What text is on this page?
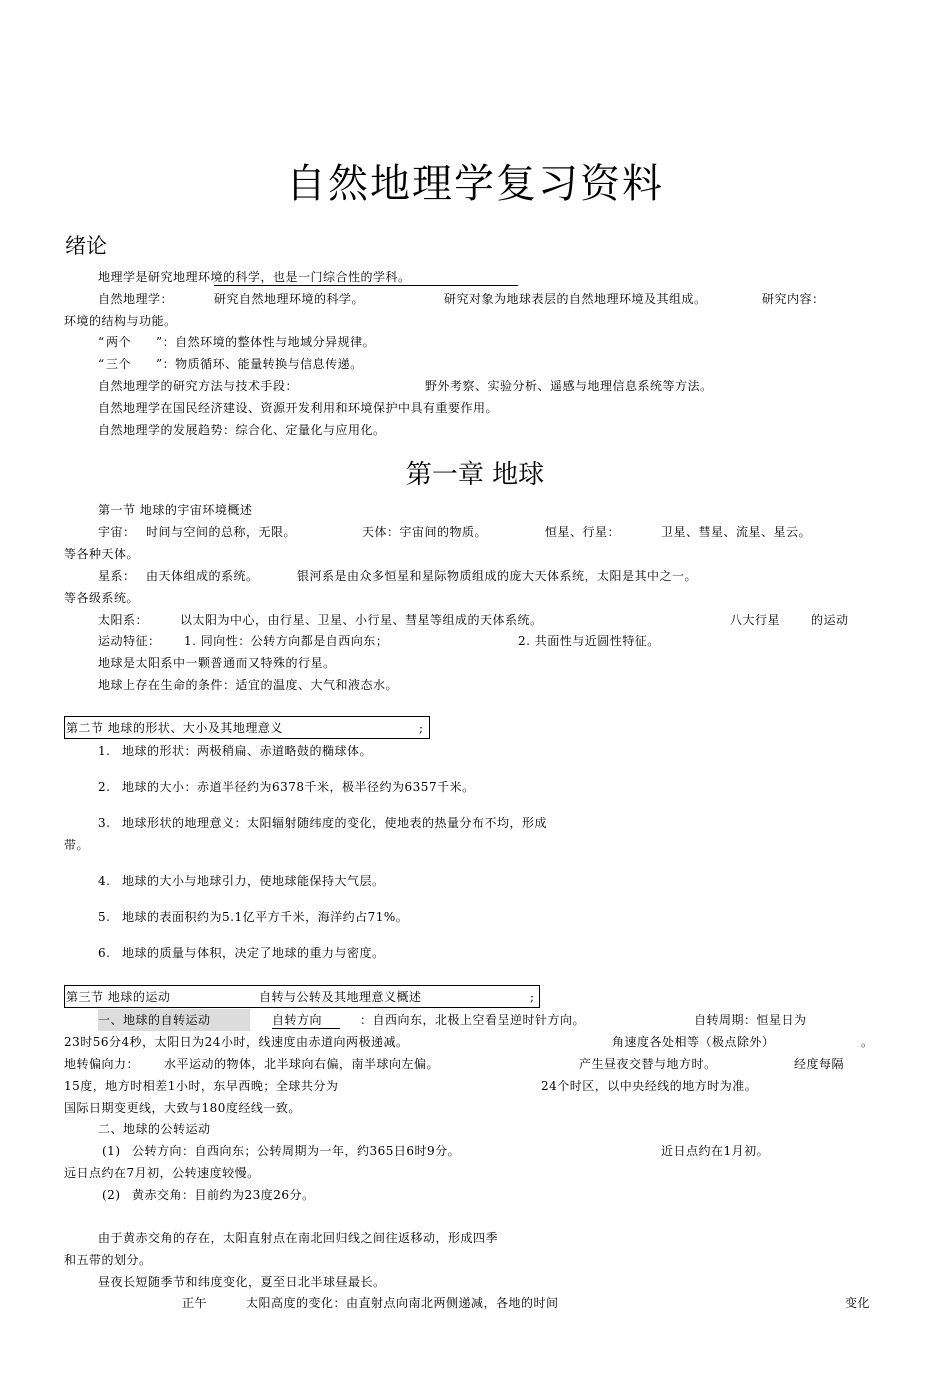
自然地理学复习资料
绪论
地理学是研究地理环境的科学，也是一门综合性的学科。
自然地理学：	研究自然地理环境的科学。	研究对象为地球表层的自然地理环境及其组成。	研究内容：
环境的结构与功能。
“ 两个 ”：自然环境的整体性与地域分异规律。
“ 三个 ”：物质循环、能量转换与信息传递。
自然地理学的研究方法与技术手段：	野外考察、实验分析、遥感与地理信息系统等方法。
自然地理学在国民经济建设、资源开发利用和环境保护中具有重要作用。
自然地理学的发展趋势：综合化、定量化与应用化。
第一章 地球
第一节 地球的宇宙环境概述
宇宙： 时间与空间的总称，无限。	天体：宇宙间的物质。	恒星、行星：	卫星、彗星、流星、星云。
等各种天体。
星系： 由天体组成的系统。	银河系是由众多恒星和星际物质组成的庞大天体系统，太阳是其中之一。
等各级系统。
太阳系：	以太阳为中心，由行星、卫星、小行星、彗星等组成的天体系统。	八大行星	的运动
运动特征： 1. 同向性：公转方向都是自西向东；	2. 共面性与近圆性特征。
地球是太阳系中一颗普通而又特殊的行星。
地球上存在生命的条件：适宜的温度、大气和液态水。
第二节 地球的形状、大小及其地理意义	;
1. 地球的形状：两极稍扁、赤道略鼓的椭球体。
2. 地球的大小：赤道半径约为6378千米，极半径约为6357千米。
3. 地球形状的地理意义：太阳辐射随纬度的变化，使地表的热量分布不均，形成
带。
4. 地球的大小与地球引力，使地球能保持大气层。
5. 地球的表面积约为5.1亿平方千米，海洋约占71%。
6. 地球的质量与体积，决定了地球的重力与密度。
第三节 地球的运动	自转与公转及其地理意义概述	;
一、地球的自转运动	自转方向	：自西向东，北极上空看呈逆时针方向。	自转周期：恒星日为
23时56分4秒，太阳日为24小时，线速度由赤道向两极递减。	角速度各处相等（极点除外）	。
地转偏向力： 水平运动的物体，北半球向右偏，南半球向左偏。	产生昼夜交替与地方时。	经度每隔
15度，地方时相差1小时，东早西晚；全球共分为	24个时区，以中央经线的地方时为准。
国际日期变更线，大致与180度经线一致。
二、地球的公转运动
(1) 公转方向：自西向东；公转周期为一年，约365日6时9分。	近日点约在1月初。
远日点约在7月初，公转速度较慢。
(2) 黄赤交角：目前约为23度26分。
由于黄赤交角的存在，太阳直射点在南北回归线之间往返移动，形成四季
和五带的划分。
昼夜长短随季节和纬度变化，夏至日北半球昼最长。
正午	太阳高度的变化：由直射点向南北两侧递减，各地的时间	变化
